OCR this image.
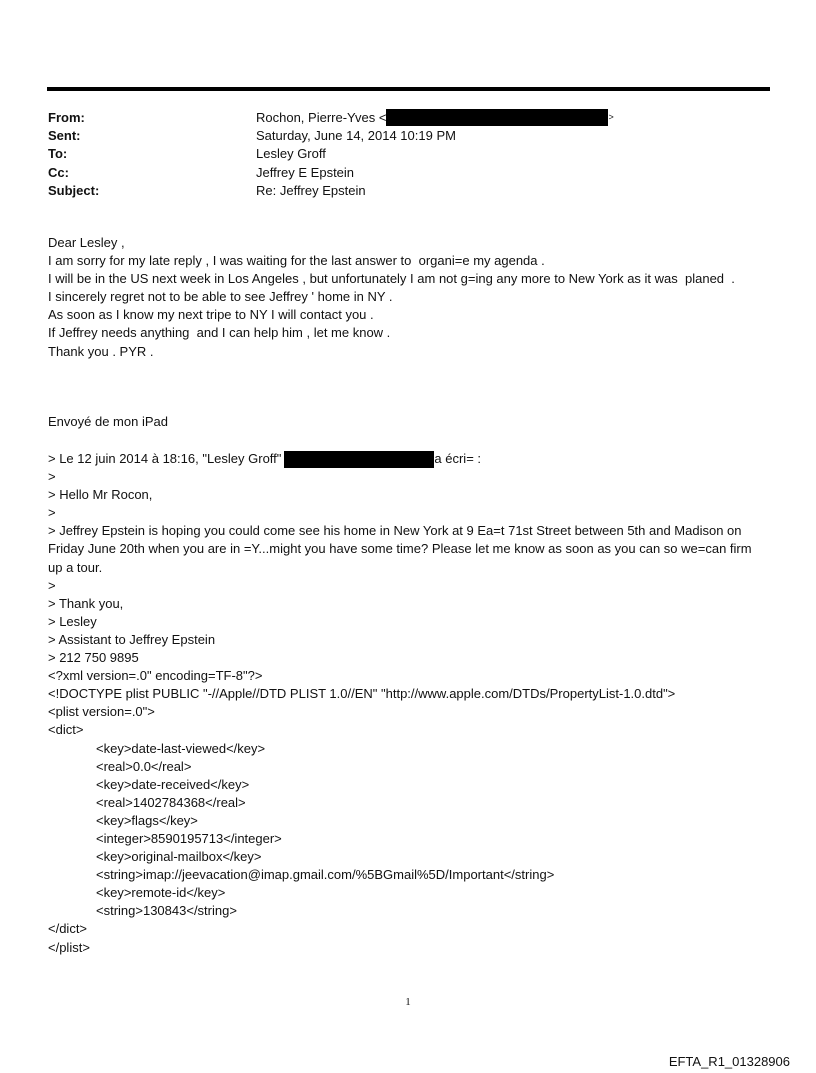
From:	Rochon, Pierre-Yves <	>
Sent:	Saturday, June 14, 2014 10:19 PM
To:	Lesley Groff
Cc:	Jeffrey E Epstein
Subject:	Re: Jeffrey Epstein
Dear Lesley ,
I am sorry for my late reply , I was waiting for the last answer to  organi=e my agenda .
I will be in the US next week in Los Angeles , but unfortunately I am not g=ing any more to New York as it was  planed  .
I sincerely regret not to be able to see Jeffrey ' home in NY .
As soon as I know my next tripe to NY I will contact you .
If Jeffrey needs anything  and I can help him , let me know .
Thank you . PYR .
Envoyé de mon iPad
> Le 12 juin 2014 à 18:16, "Lesley Groff"	a écri= :
>
> Hello Mr Rocon,
>
> Jeffrey Epstein is hoping you could come see his home in New York at 9 Ea=t 71st Street between 5th and Madison on Friday June 20th when you are in =Y...might you have some time? Please let me know as soon as you can so we=can firm up a tour.
>
> Thank you,
> Lesley
> Assistant to Jeffrey Epstein
> 212 750 9895
<?xml version=.0" encoding=TF-8"?>
<!DOCTYPE plist PUBLIC "-//Apple//DTD PLIST 1.0//EN" "http://www.apple.com/DTDs/PropertyList-1.0.dtd">
<plist version=.0">
<dict>
<key>date-last-viewed</key>
<real>0.0</real>
<key>date-received</key>
<real>1402784368</real>
<key>flags</key>
<integer>8590195713</integer>
<key>original-mailbox</key>
<string>imap://jeevacation@imap.gmail.com/%5BGmail%5D/Important</string>
<key>remote-id</key>
<string>130843</string>
</dict>
</plist>
1
EFTA_R1_01328906
